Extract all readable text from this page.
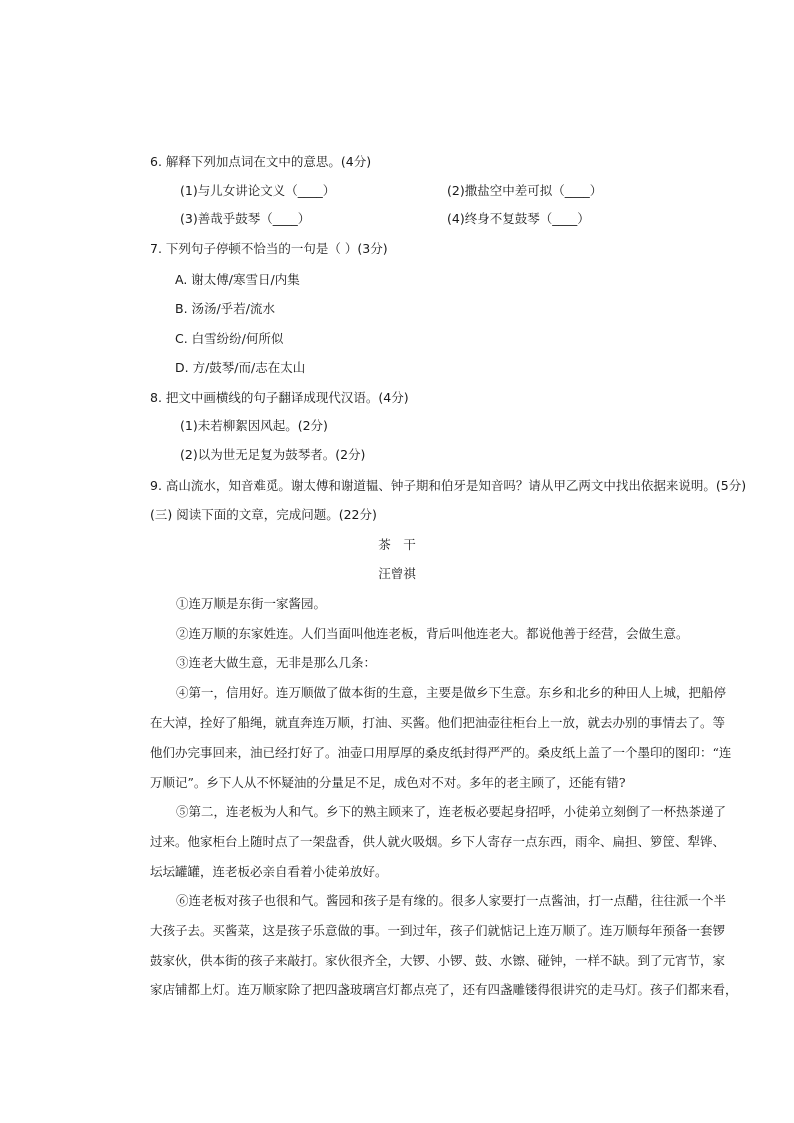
6. 解释下列加点词在文中的意思。(4分)
(1)与儿女讲论文义（____）	(2)撒盐空中差可拟（____）
(3)善哉乎鼓琴（____）	(4)终身不复鼓琴（____）
7. 下列句子停顿不恰当的一句是（ ）(3分)
A. 谢太傅/寒雪日/内集
B. 汤汤/乎若/流水
C. 白雪纷纷/何所似
D. 方/鼓琴/而/志在太山
8. 把文中画横线的句子翻译成现代汉语。(4分)
(1)未若柳絮因风起。(2分)
(2)以为世无足复为鼓琴者。(2分)
9. 高山流水，知音难觅。谢太傅和谢道韫、钟子期和伯牙是知音吗？请从甲乙两文中找出依据来说明。(5分)
(三) 阅读下面的文章，完成问题。(22分)
茶　干
汪曾祺
①连万顺是东街一家酱园。
②连万顺的东家姓连。人们当面叫他连老板，背后叫他连老大。都说他善于经营，会做生意。
③连老大做生意，无非是那么几条：
④第一，信用好。连万顺做了做本街的生意，主要是做乡下生意。东乡和北乡的种田人上城，把船停
在大淖，拴好了船绳，就直奔连万顺，打油、买酱。他们把油壶往柜台上一放，就去办别的事情去了。等
他们办完事回来，油已经打好了。油壶口用厚厚的桑皮纸封得严严的。桑皮纸上盖了一个墨印的图印：“连
万顺记”。乡下人从不怀疑油的分量足不足，成色对不对。多年的老主顾了，还能有错?
⑤第二，连老板为人和气。乡下的熟主顾来了，连老板必要起身招呼，小徒弟立刻倒了一杯热茶递了
过来。他家柜台上随时点了一架盘香，供人就火吸烟。乡下人寄存一点东西，雨伞、扁担、箩筐、犁铧、
坛坛罐罐，连老板必亲自看着小徒弟放好。
⑥连老板对孩子也很和气。酱园和孩子是有缘的。很多人家要打一点酱油，打一点醋，往往派一个半
大孩子去。买酱菜，这是孩子乐意做的事。一到过年，孩子们就惦记上连万顺了。连万顺每年预备一套锣
鼓家伙，供本街的孩子来敲打。家伙很齐全，大锣、小锣、鼓、水镲、碰钟，一样不缺。到了元宵节，家
家店铺都上灯。连万顺家除了把四盏玻璃宫灯都点亮了，还有四盏雕镂得很讲究的走马灯。孩子们都来看，
